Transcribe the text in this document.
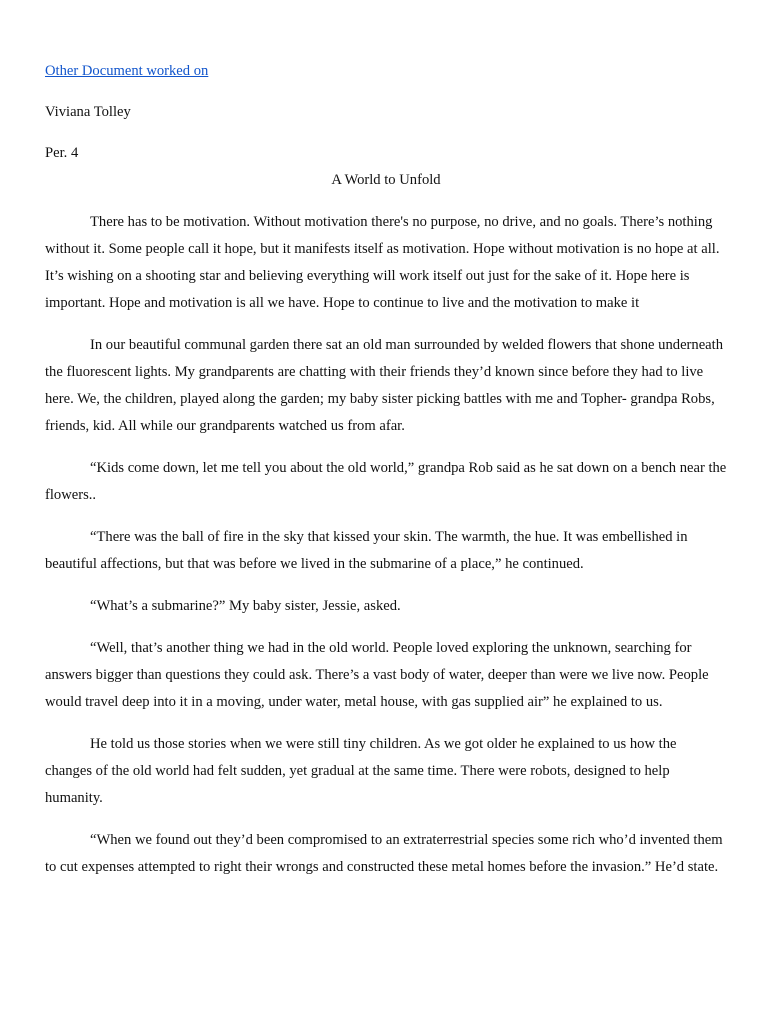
Other Document worked on

Viviana Tolley

Per. 4

A World to Unfold

There has to be motivation. Without motivation there's no purpose, no drive, and no goals. There’s nothing without it. Some people call it hope, but it manifests itself as motivation. Hope without motivation is no hope at all. It’s wishing on a shooting star and believing everything will work itself out just for the sake of it. Hope here is important. Hope and motivation is all we have. Hope to continue to live and the motivation to make it

In our beautiful communal garden there sat an old man surrounded by welded flowers that shone underneath the fluorescent lights. My grandparents are chatting with their friends they’d known since before they had to live here. We, the children, played along the garden; my baby sister picking battles with me and Topher- grandpa Robs, friends, kid. All while our grandparents watched us from afar.

“Kids come down, let me tell you about the old world,” grandpa Rob said as he sat down on a bench near the flowers..

“There was the ball of fire in the sky that kissed your skin. The warmth, the hue. It was embellished in beautiful affections, but that was before we lived in the submarine of a place,” he continued.

“What’s a submarine?” My baby sister, Jessie, asked.

“Well, that’s another thing we had in the old world. People loved exploring the unknown, searching for answers bigger than questions they could ask. There’s a vast body of water, deeper than were we live now. People would travel deep into it in a moving, under water, metal house, with gas supplied air” he explained to us.

He told us those stories when we were still tiny children. As we got older he explained to us how the changes of the old world had felt sudden, yet gradual at the same time. There were robots, designed to help humanity.

“When we found out they’d been compromised to an extraterrestrial species some rich who’d invented them to cut expenses attempted to right their wrongs and constructed these metal homes before the invasion.” He’d state.
